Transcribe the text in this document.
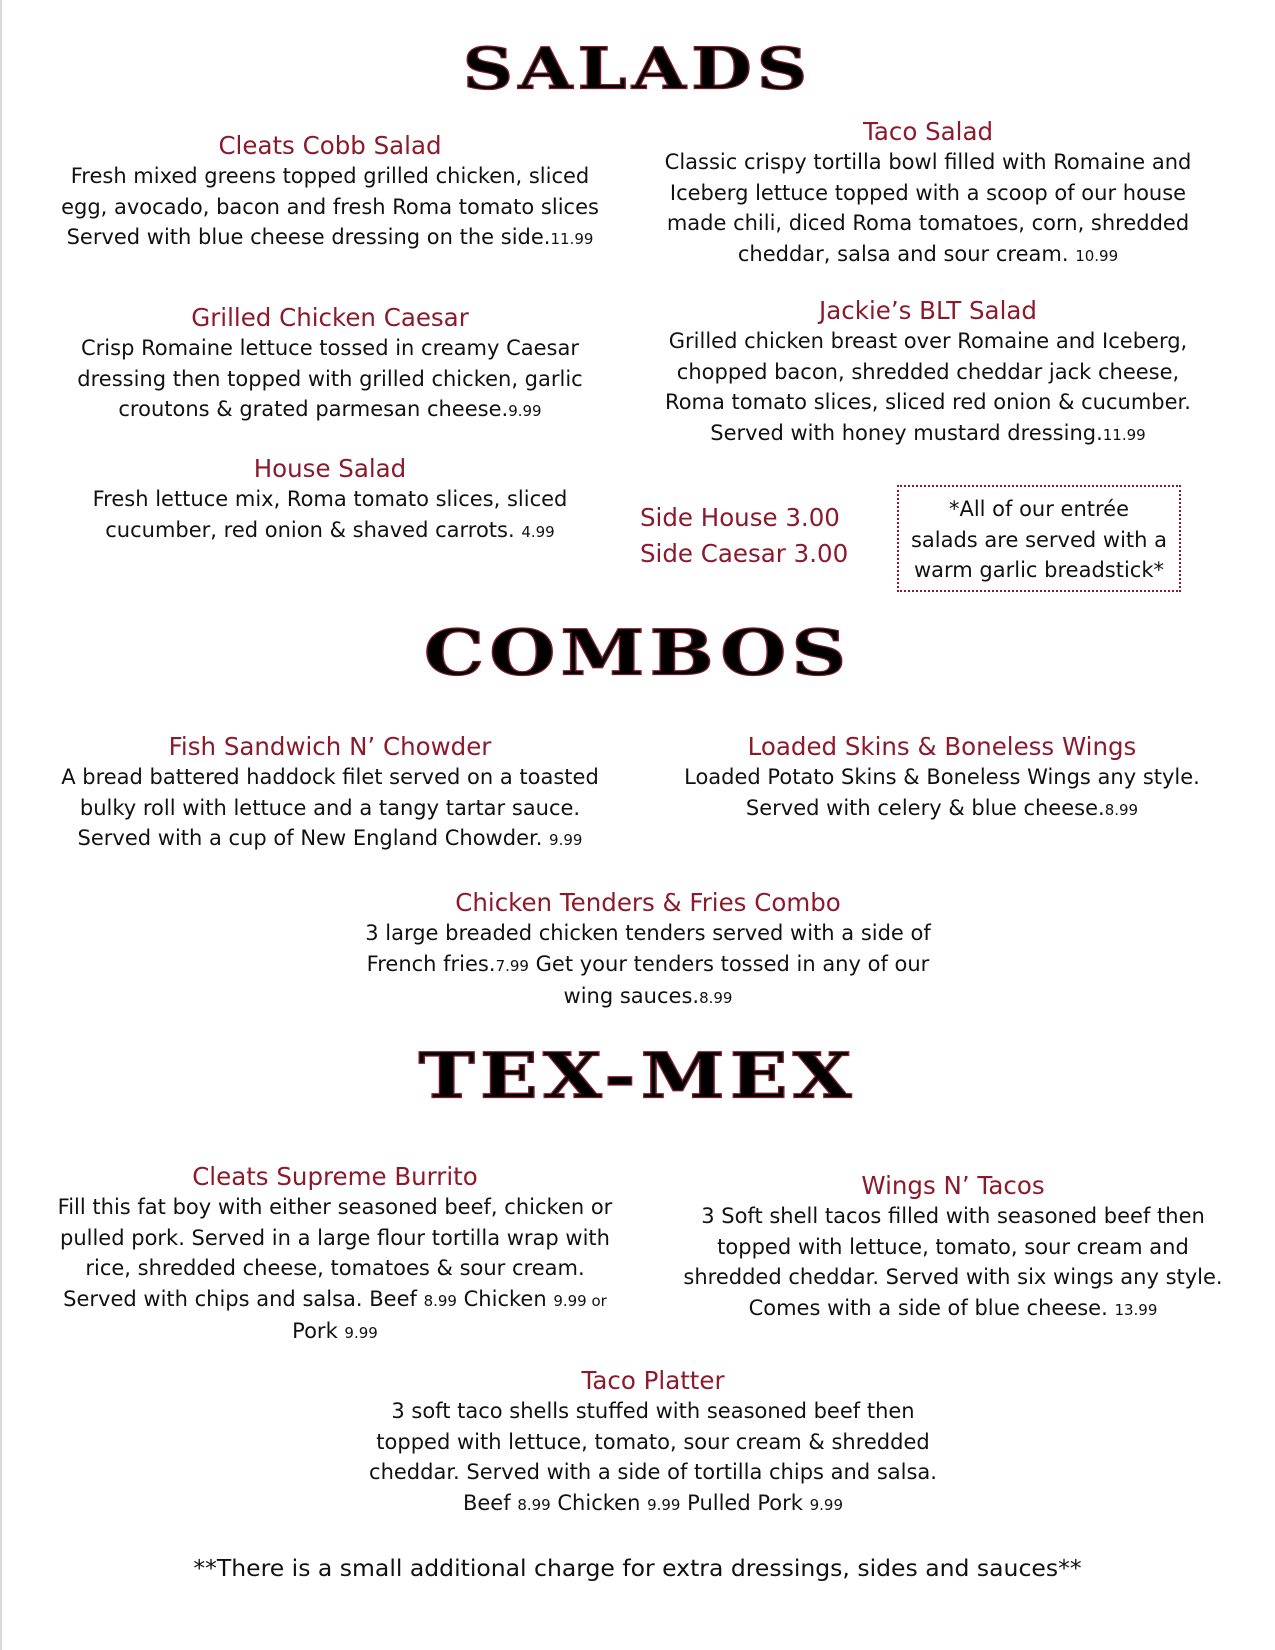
SALADS

Cleats Cobb Salad

Fresh mixed greens topped grilled chicken, sliced

egg, avocado, bacon and fresh Roma tomato slices

Served with blue cheese dressing on the side.11.99

Taco Salad

Classic crispy tortilla bowl filled with Romaine and

Iceberg lettuce topped with a scoop of our house

made chili, diced Roma tomatoes, corn, shredded

cheddar, salsa and sour cream. 10.99

Grilled Chicken Caesar

Crisp Romaine lettuce tossed in creamy Caesar

dressing then topped with grilled chicken, garlic

croutons & grated parmesan cheese.9.99

Jackie’s BLT Salad

Grilled chicken breast over Romaine and Iceberg,

chopped bacon, shredded cheddar jack cheese,

Roma tomato slices, sliced red onion & cucumber.

Served with honey mustard dressing.11.99

House Salad

Fresh lettuce mix, Roma tomato slices, sliced

cucumber, red onion & shaved carrots. 4.99	Side House 3.00
Side Caesar 3.00
*All of our entrée
salads are served with a
warm garlic breadstick*
COMBOS

Fish Sandwich N’ Chowder

A bread battered haddock filet served on a toasted

bulky roll with lettuce and a tangy tartar sauce.

Served with a cup of New England Chowder. 9.99

Loaded Skins & Boneless Wings

Loaded Potato Skins & Boneless Wings any style.

Served with celery & blue cheese.8.99

Chicken Tenders & Fries Combo

3 large breaded chicken tenders served with a side of

French fries.7.99 Get your tenders tossed in any of our

wing sauces.8.99

TEX-MEX

Cleats Supreme Burrito

Fill this fat boy with either seasoned beef, chicken or

pulled pork. Served in a large flour tortilla wrap with

rice, shredded cheese, tomatoes & sour cream.

Served with chips and salsa. Beef 8.99 Chicken 9.99 or

Pork 9.99

Wings N’ Tacos

3 Soft shell tacos filled with seasoned beef then

topped with lettuce, tomato, sour cream and

shredded cheddar. Served with six wings any style.

Comes with a side of blue cheese. 13.99

Taco Platter

3 soft taco shells stuffed with seasoned beef then

topped with lettuce, tomato, sour cream & shredded

cheddar. Served with a side of tortilla chips and salsa.

Beef 8.99 Chicken 9.99 Pulled Pork 9.99

**There is a small additional charge for extra dressings, sides and sauces**
